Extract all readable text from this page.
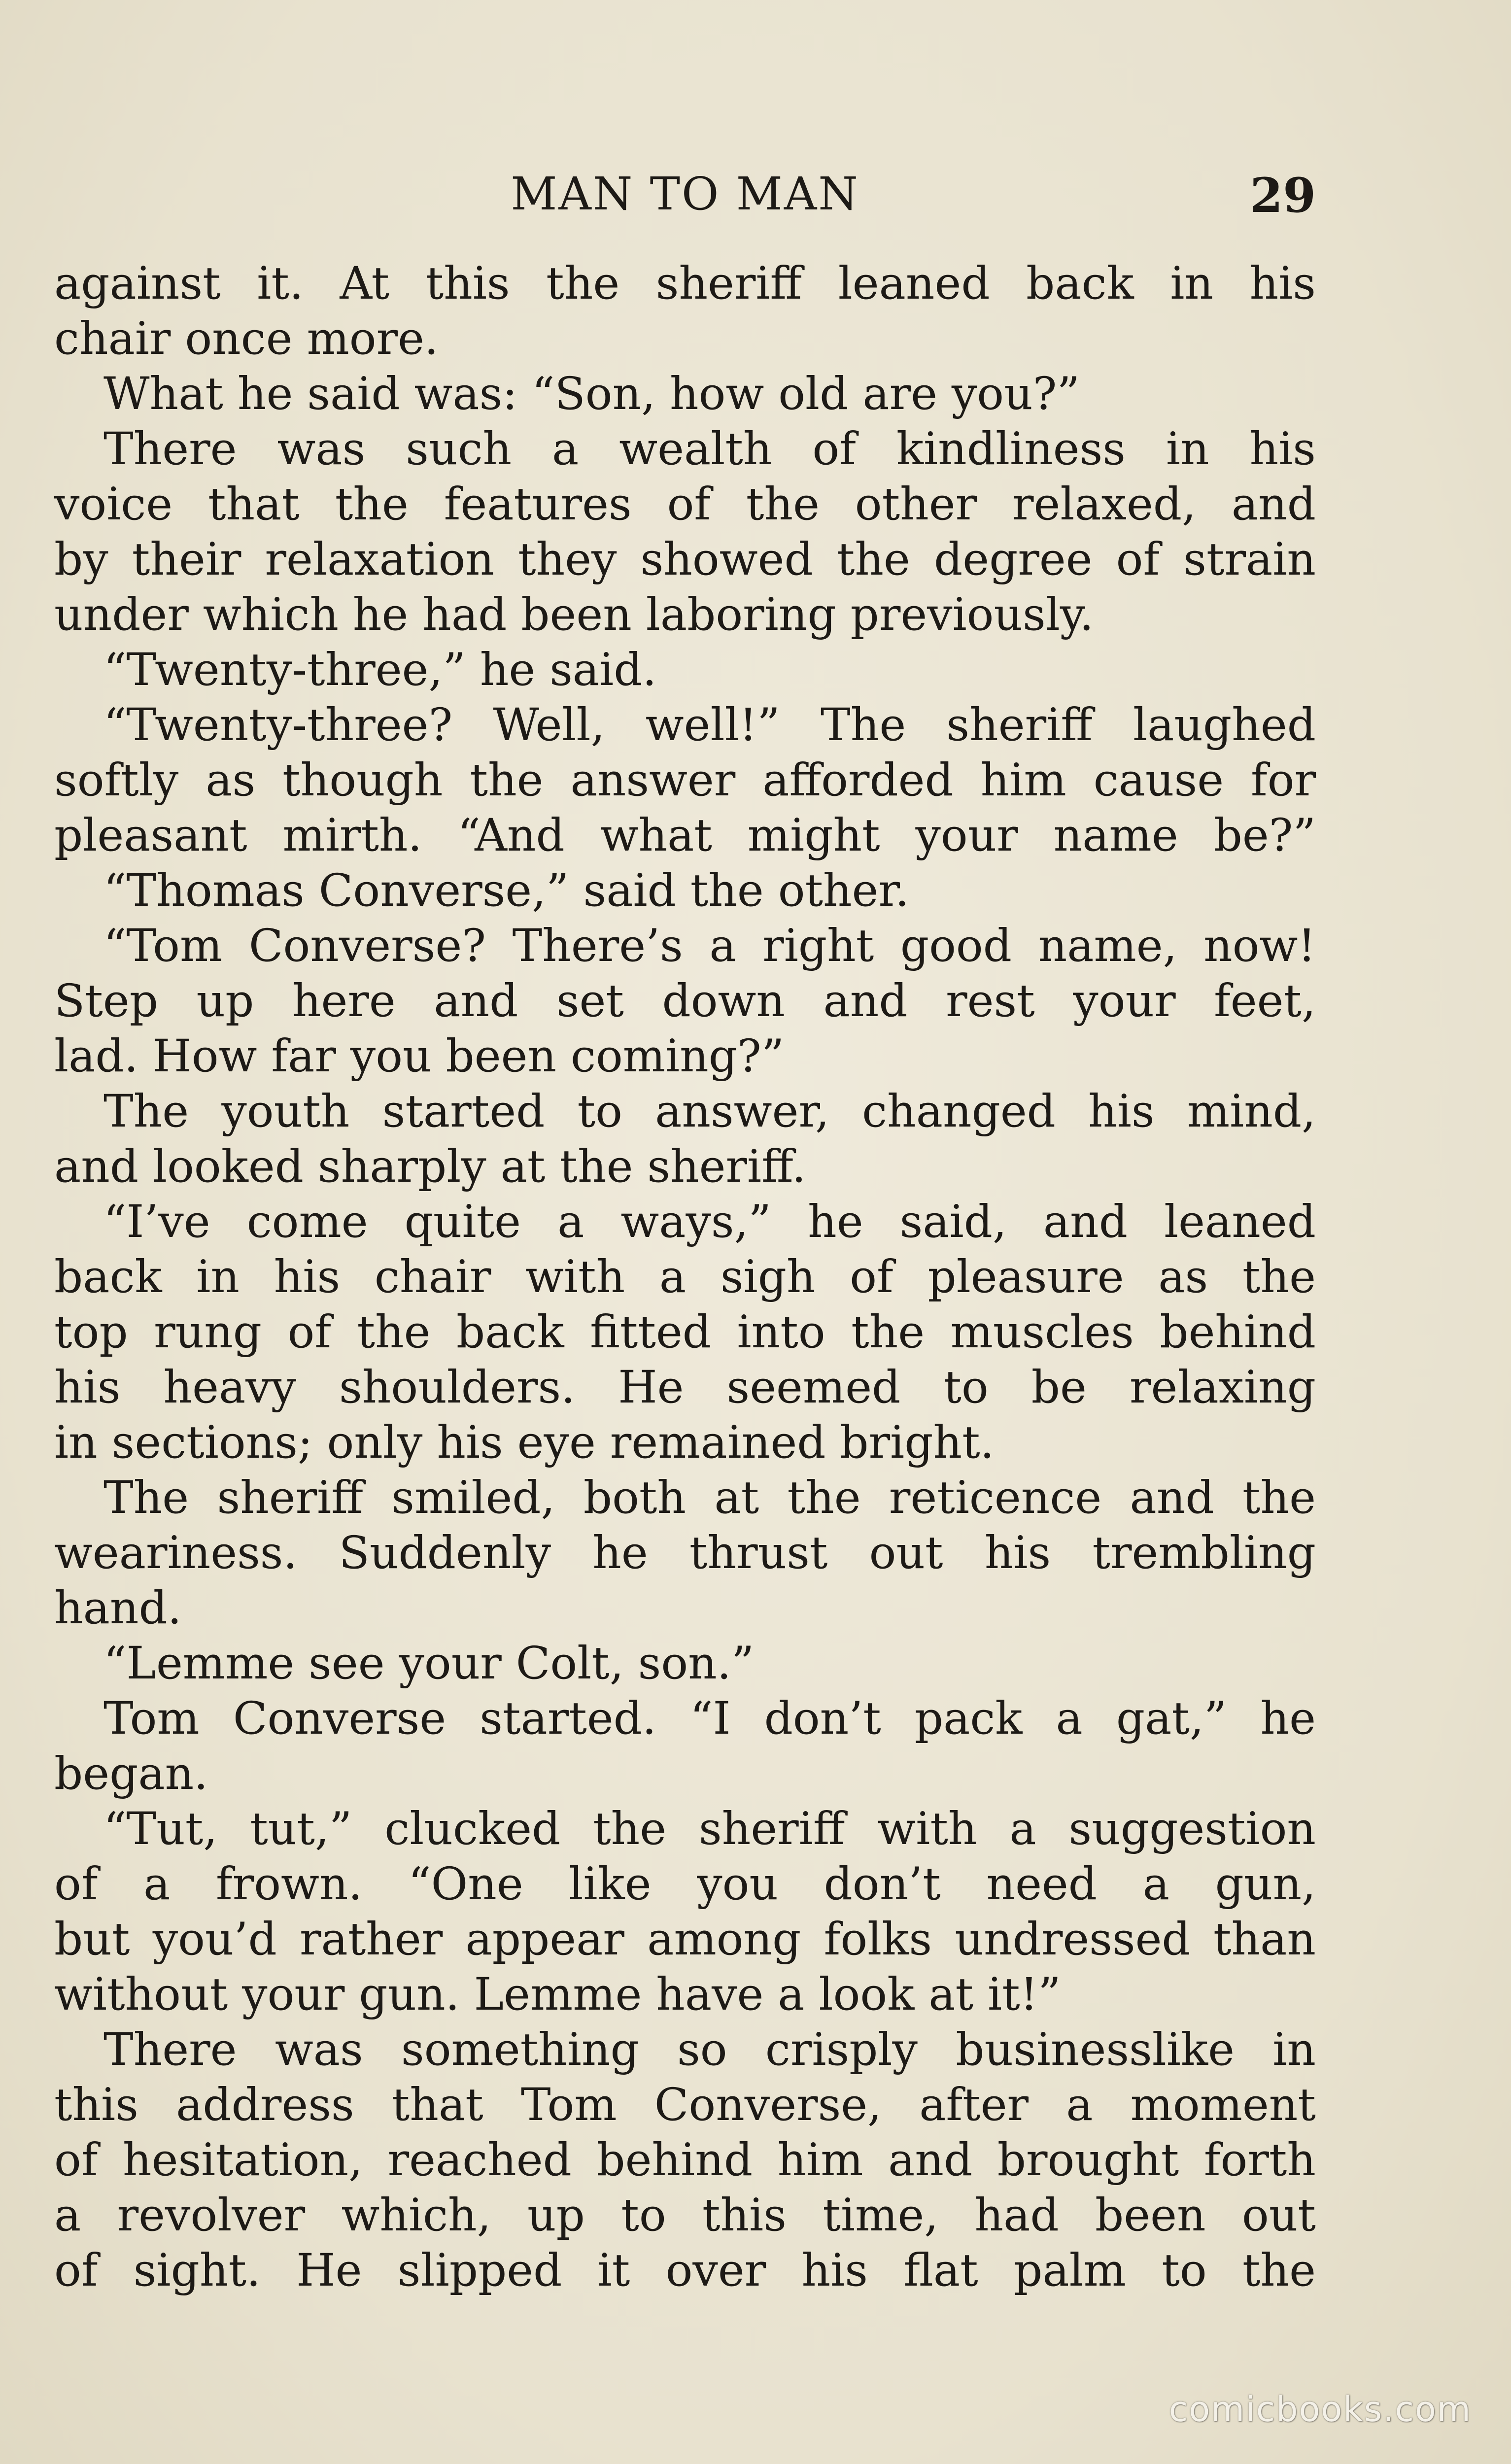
MAN TO MAN	29
against it. At this the sheriff leaned back in his
chair once more.
What he said was: “Son, how old are you?”
There was such a wealth of kindliness in his
voice that the features of the other relaxed, and
by their relaxation they showed the degree of strain
under which he had been laboring previously.
“Twenty-three,” he said.
“Twenty-three? Well, well!” The sheriff laughed
softly as though the answer afforded him cause for
pleasant mirth. “And what might your name be?”
“Thomas Converse,” said the other.
“Tom Converse? There’s a right good name, now!
Step up here and set down and rest your feet,
lad. How far you been coming?”
The youth started to answer, changed his mind,
and looked sharply at the sheriff.
“I’ve come quite a ways,” he said, and leaned
back in his chair with a sigh of pleasure as the
top rung of the back fitted into the muscles behind
his heavy shoulders. He seemed to be relaxing
in sections; only his eye remained bright.
The sheriff smiled, both at the reticence and the
weariness. Suddenly he thrust out his trembling
hand.
“Lemme see your Colt, son.”
Tom Converse started. “I don’t pack a gat,” he
began.
“Tut, tut,” clucked the sheriff with a suggestion
of a frown. “One like you don’t need a gun,
but you’d rather appear among folks undressed than
without your gun. Lemme have a look at it!”
There was something so crisply businesslike in
this address that Tom Converse, after a moment
of hesitation, reached behind him and brought forth
a revolver which, up to this time, had been out
of sight. He slipped it over his flat palm to the
comicbooks.com
